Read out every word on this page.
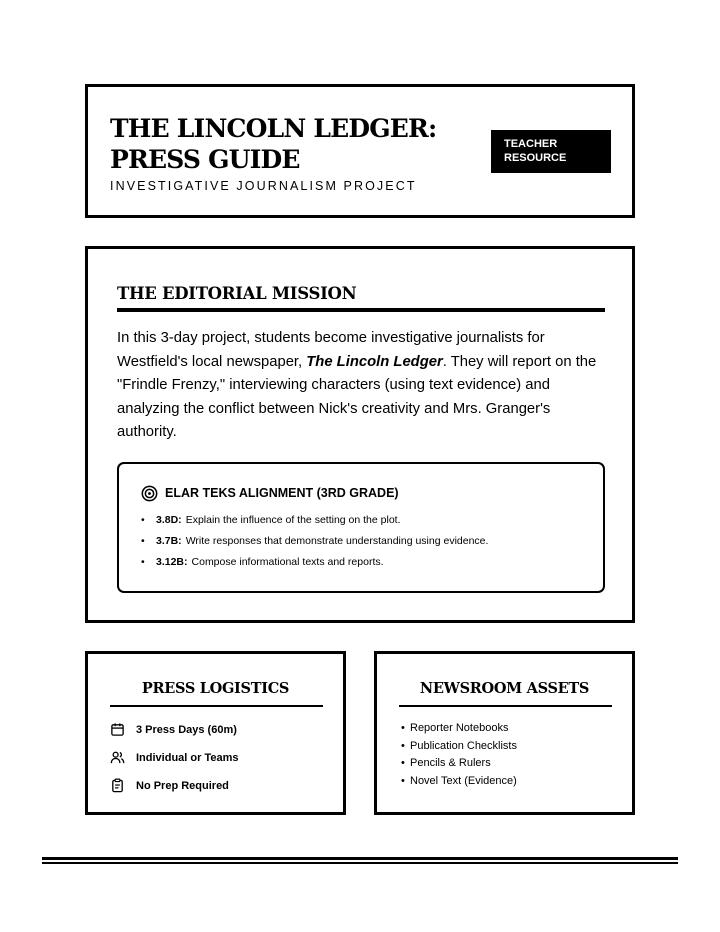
THE LINCOLN LEDGER: PRESS GUIDE
INVESTIGATIVE JOURNALISM PROJECT
TEACHER RESOURCE
THE EDITORIAL MISSION

In this 3-day project, students become investigative journalists for Westfield's local newspaper, The Lincoln Ledger. They will report on the "Frindle Frenzy," interviewing characters (using text evidence) and analyzing the conflict between Nick's creativity and Mrs. Granger's authority.

ELAR TEKS ALIGNMENT (3RD GRADE)
•	3.8D: Explain the influence of the setting on the plot.
•	3.7B: Write responses that demonstrate understanding using evidence.
•	3.12B: Compose informational texts and reports.
PRESS LOGISTICS
3 Press Days (60m)
Individual or Teams
No Prep Required
NEWSROOM ASSETS
• Reporter Notebooks
• Publication Checklists
• Pencils & Rulers
• Novel Text (Evidence)
